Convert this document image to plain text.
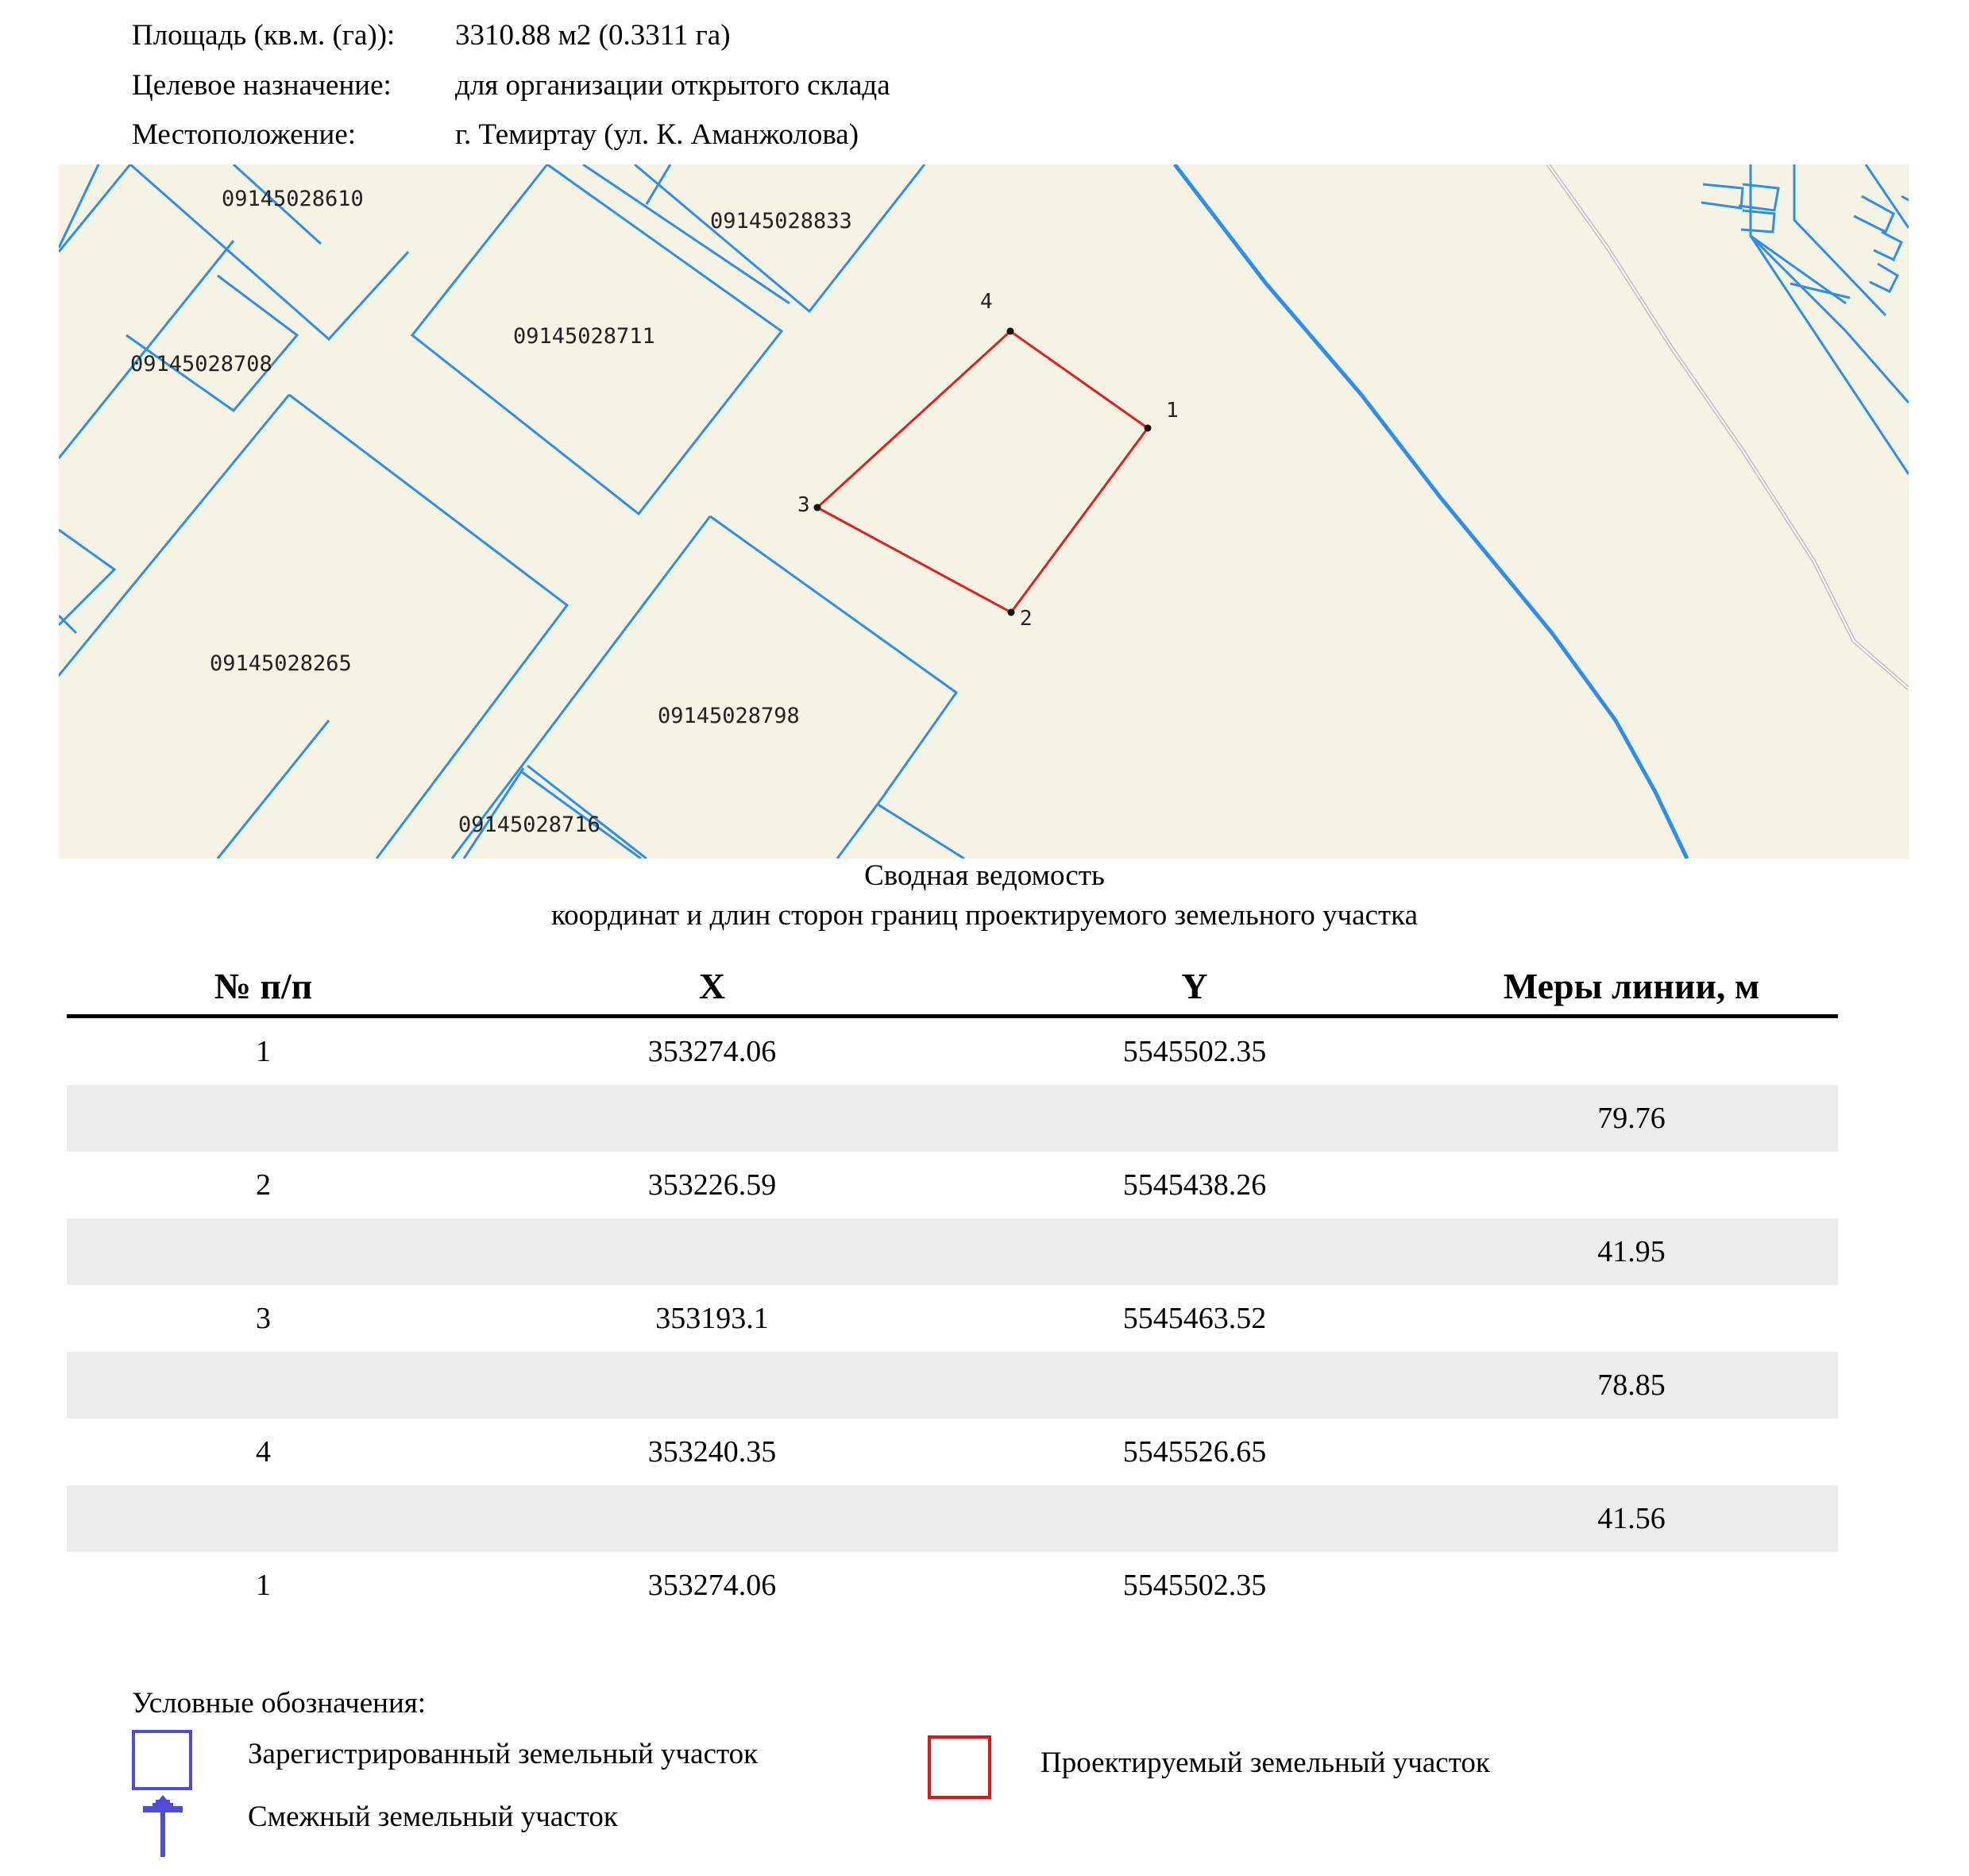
Площадь (кв.м. (га)): 3310.88 м2 (0.3311 га)
Целевое назначение: для организации открытого склада
Местоположение:	г. Темиртау (ул. К. Аманжолова)
09145028610
09145028833
09145028711
09145028708
09145028265
09145028798
09145028716
1
2
3
4
Сводная ведомость
координат и длин сторон границ проектируемого земельного участка
№ п/п	X	Y	Меры линии, м
1	353274.06	5545502.35	
			79.76
2	353226.59	5545438.26	
			41.95
3	353193.1	5545463.52	
			78.85
4	353240.35	5545526.65	
			41.56
1	353274.06	5545502.35	
Условные обозначения:
Зарегистрированный земельный участок
Смежный земельный участок
Проектируемый земельный участок
